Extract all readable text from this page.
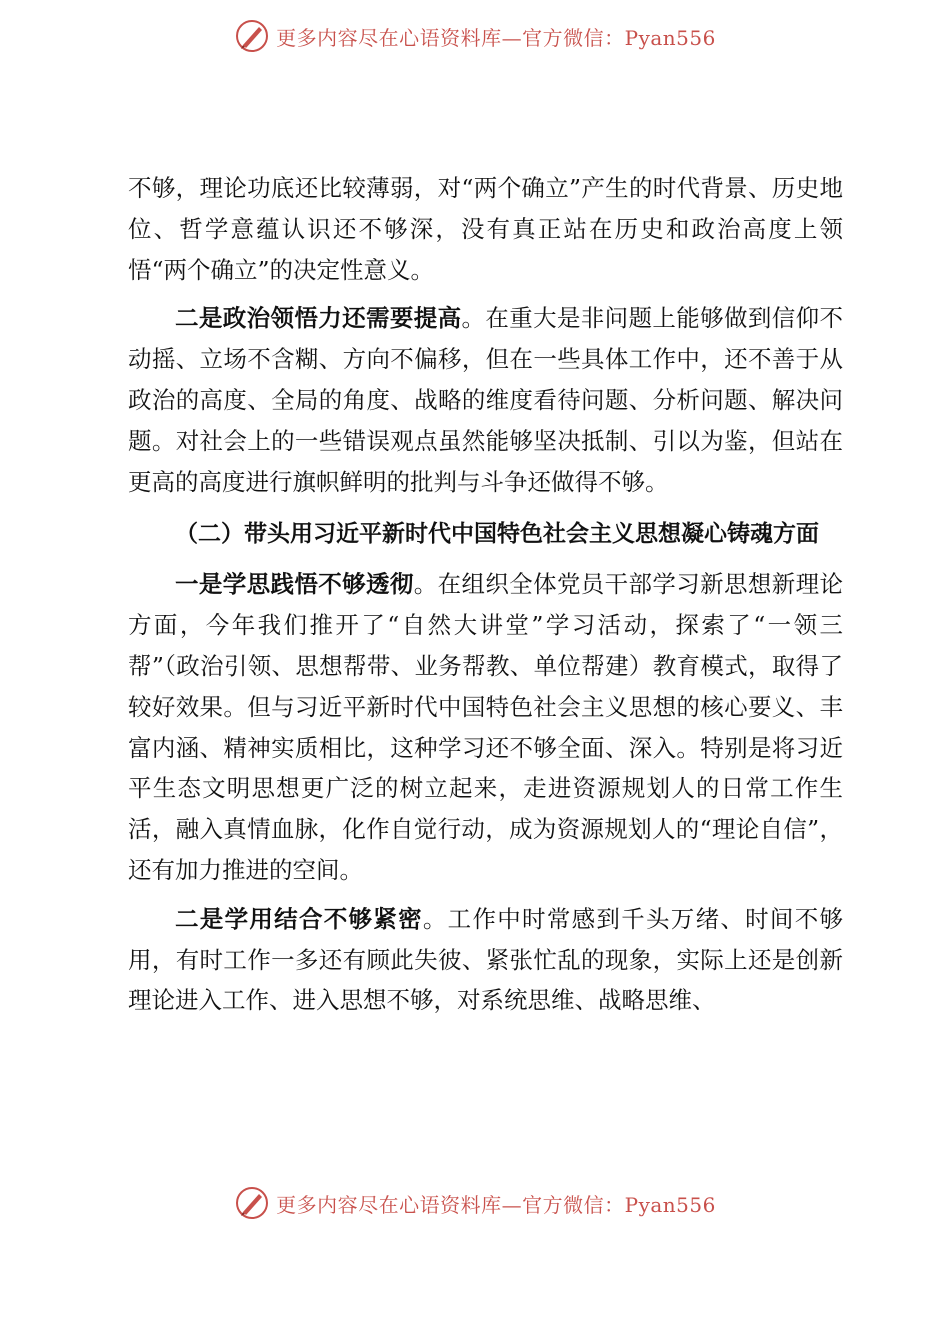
更多内容尽在心语资料库—官方微信：Pyan556

不够，理论功底还比较薄弱，对“两个确立”产生的时代背景、历史地位、哲学意蕴认识还不够深，没有真正站在历史和政治高度上领悟“两个确立”的决定性意义。

二是政治领悟力还需要提高。在重大是非问题上能够做到信仰不动摇、立场不含糊、方向不偏移，但在一些具体工作中，还不善于从政治的高度、全局的角度、战略的维度看待问题、分析问题、解决问题。对社会上的一些错误观点虽然能够坚决抵制、引以为鉴，但站在更高的高度进行旗帜鲜明的批判与斗争还做得不够。

（二）带头用习近平新时代中国特色社会主义思想凝心铸魂方面

一是学思践悟不够透彻。在组织全体党员干部学习新思想新理论方面，今年我们推开了“自然大讲堂”学习活动，探索了“一领三帮”（政治引领、思想帮带、业务帮教、单位帮建）教育模式，取得了较好效果。但与习近平新时代中国特色社会主义思想的核心要义、丰富内涵、精神实质相比，这种学习还不够全面、深入。特别是将习近平生态文明思想更广泛的树立起来，走进资源规划人的日常工作生活，融入真情血脉，化作自觉行动，成为资源规划人的“理论自信”，还有加力推进的空间。

二是学用结合不够紧密。工作中时常感到千头万绪、时间不够用，有时工作一多还有顾此失彼、紧张忙乱的现象，实际上还是创新理论进入工作、进入思想不够，对系统思维、战略思维、

更多内容尽在心语资料库—官方微信：Pyan556
